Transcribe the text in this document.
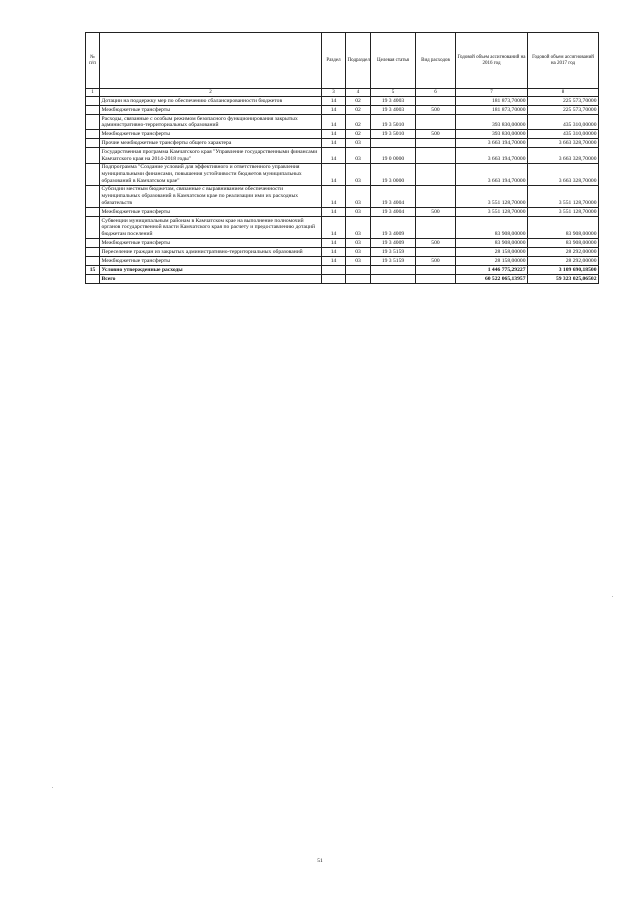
№ п/п		Раздел	Подраздел	Целевая статья	Вид расходов	Годовой объем ассигнований на 2016 год	Годовой объем ассигнований на 2017 год
1	2	3	4	5	6	7	8
	Дотации на поддержку мер по обеспечению сбалансированности бюджетов	14	02	19 3 4003		181 873,70000	225 573,70000
	Межбюджетные трансферты	14	02	19 3 4003	500	181 873,70000	225 573,70000
	Расходы, связанные с особым режимом безопасного функционирования закрытых административно-территориальных образований	14	02	19 3 5010		393 830,00000	435 310,00000
	Межбюджетные трансферты	14	02	19 3 5010	500	393 830,00000	435 310,00000
	Прочие межбюджетные трансферты общего характера	14	03			3 663 194,70000	3 663 328,70000
	Государственная программа Камчатского края "Управление государственными финансами Камчатского края на 2014-2018 годы"	14	03	19 0 0000		3 663 194,70000	3 663 328,70000
	Подпрограмма "Создание условий для эффективного и ответственного управления муниципальными финансами, повышения устойчивости бюджетов муниципальных образований в Камчатском крае"	14	03	19 3 0000		3 663 194,70000	3 663 328,70000
	Субсидии местным бюджетам, связанные с выравниванием обеспеченности муниципальных образований в Камчатском крае по реализации ими их расходных обязательств	14	03	19 3 4004		3 551 128,70000	3 551 128,70000
	Межбюджетные трансферты	14	03	19 3 4004	500	3 551 128,70000	3 551 128,70000
	Субвенции муниципальным районам в Камчатском крае на выполнение полномочий органов государственной власти Камчатского края по расчету и предоставлению дотаций бюджетам поселений	14	03	19 3 4009		83 908,00000	83 908,00000
	Межбюджетные трансферты	14	03	19 3 4009	500	83 908,00000	83 908,00000
	Переселение граждан из закрытых административно-территориальных образований	14	03	19 3 5159		28 158,00000	28 292,00000
	Межбюджетные трансферты	14	03	19 3 5159	500	28 158,00000	28 292,00000
15	Условно утвержденные расходы					1 446 775,29227	3 109 690,18500
	Всего					60 522 065,13957	59 323 025,06502
51
